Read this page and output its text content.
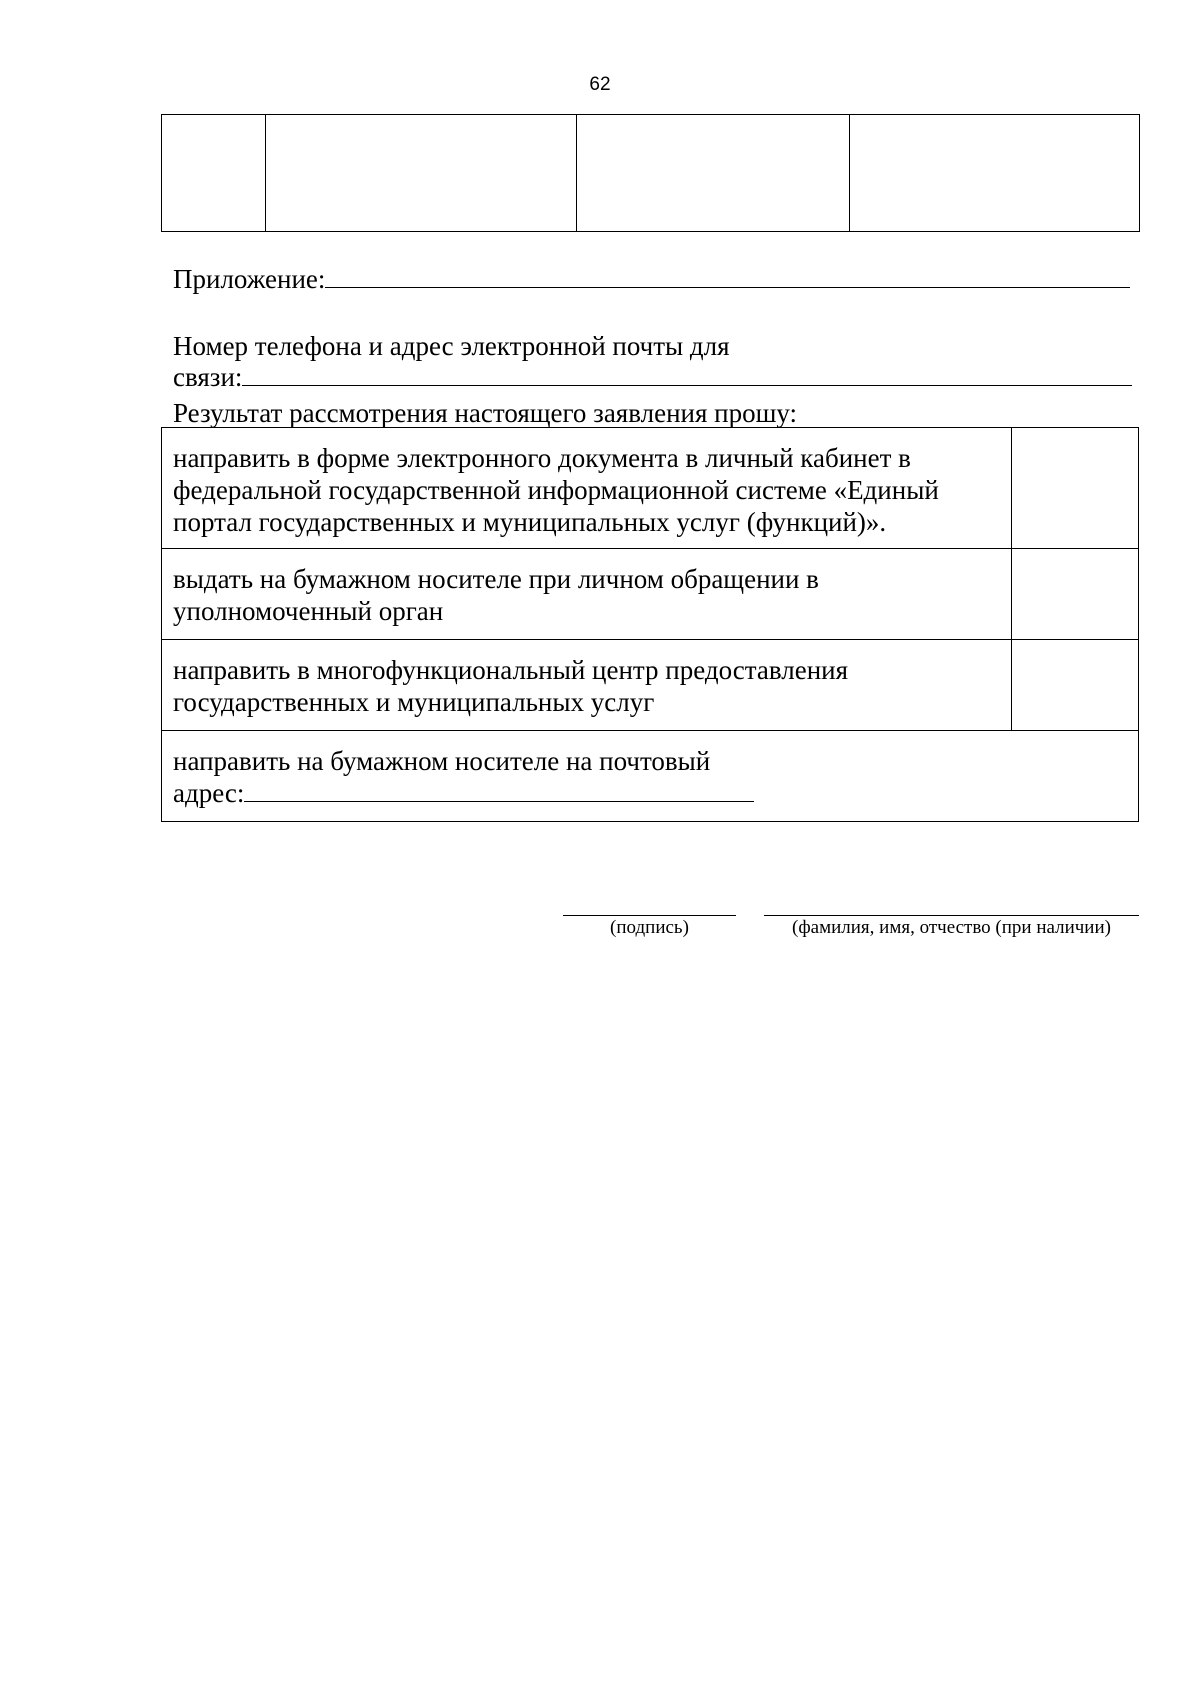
62

Приложение:
Номер телефона и адрес электронной почты для
связи:
Результат рассмотрения настоящего заявления прошу:
направить в форме электронного документа в личный кабинет в федеральной государственной информационной системе «Единый портал государственных и муниципальных услуг (функций)».	
выдать на бумажном носителе при личном обращении в уполномоченный орган	
направить в многофункциональный центр предоставления государственных и муниципальных услуг	

направить на бумажном носителе на почтовый
адрес:	
(подпись)	(фамилия, имя, отчество (при наличии)
